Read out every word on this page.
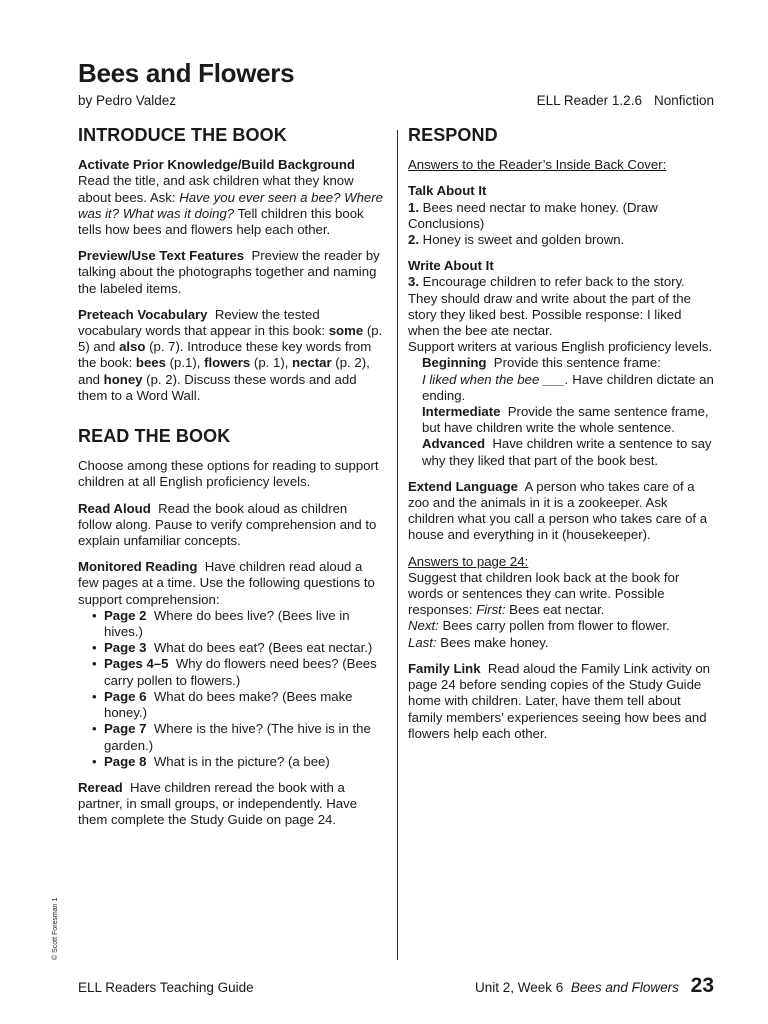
Bees and Flowers
by Pedro Valdez	ELL Reader 1.2.6 Nonfiction
INTRODUCE THE BOOK

Activate Prior Knowledge/Build Background  Read the title, and ask children what they know about bees. Ask: Have you ever seen a bee? Where was it? What was it doing? Tell children this book tells how bees and flowers help each other.

Preview/Use Text Features Preview the reader by talking about the photographs together and naming the labeled items.

Preteach Vocabulary Review the tested vocabulary words that appear in this book: some (p. 5) and also (p. 7). Introduce these key words from the book: bees (p.1), flowers (p. 1), nectar (p. 2), and honey (p. 2). Discuss these words and add them to a Word Wall.

READ THE BOOK

Choose among these options for reading to support children at all English proficiency levels.

Read Aloud Read the book aloud as children follow along. Pause to verify comprehension and to explain unfamiliar concepts.

Monitored Reading Have children read aloud a few pages at a time. Use the following questions to support comprehension:

• Page 2 Where do bees live? (Bees live in hives.)
• Page 3 What do bees eat? (Bees eat nectar.)
• Pages 4–5 Why do flowers need bees? (Bees carry pollen to flowers.)
• Page 6 What do bees make? (Bees make honey.)
• Page 7 Where is the hive? (The hive is in the garden.)
• Page 8 What is in the picture? (a bee)

Reread Have children reread the book with a partner, in small groups, or independently. Have them complete the Study Guide on page 24.

RESPOND

Answers to the Reader’s Inside Back Cover:

Talk About It
1. Bees need nectar to make honey. (Draw Conclusions)
2. Honey is sweet and golden brown.

Write About It
3. Encourage children to refer back to the story. They should draw and write about the part of the story they liked best. Possible response: I liked when the bee ate nectar.
Support writers at various English proficiency levels.

Beginning Provide this sentence frame:
I liked when the bee ___. Have children dictate an ending.

Intermediate Provide the same sentence frame, but have children write the whole sentence.

Advanced Have children write a sentence to say why they liked that part of the book best.

Extend Language A person who takes care of a zoo and the animals in it is a zookeeper. Ask children what you call a person who takes care of a house and everything in it (housekeeper).

Answers to page 24:
Suggest that children look back at the book for words or sentences they can write. Possible responses: First: Bees eat nectar.
Next: Bees carry pollen from flower to flower.
Last: Bees make honey.

Family Link Read aloud the Family Link activity on page 24 before sending copies of the Study Guide home with children. Later, have them tell about family members’ experiences seeing how bees and flowers help each other.

© Scott Foresman 1
ELL Readers Teaching Guide	Unit 2, Week 6 Bees and Flowers 23
